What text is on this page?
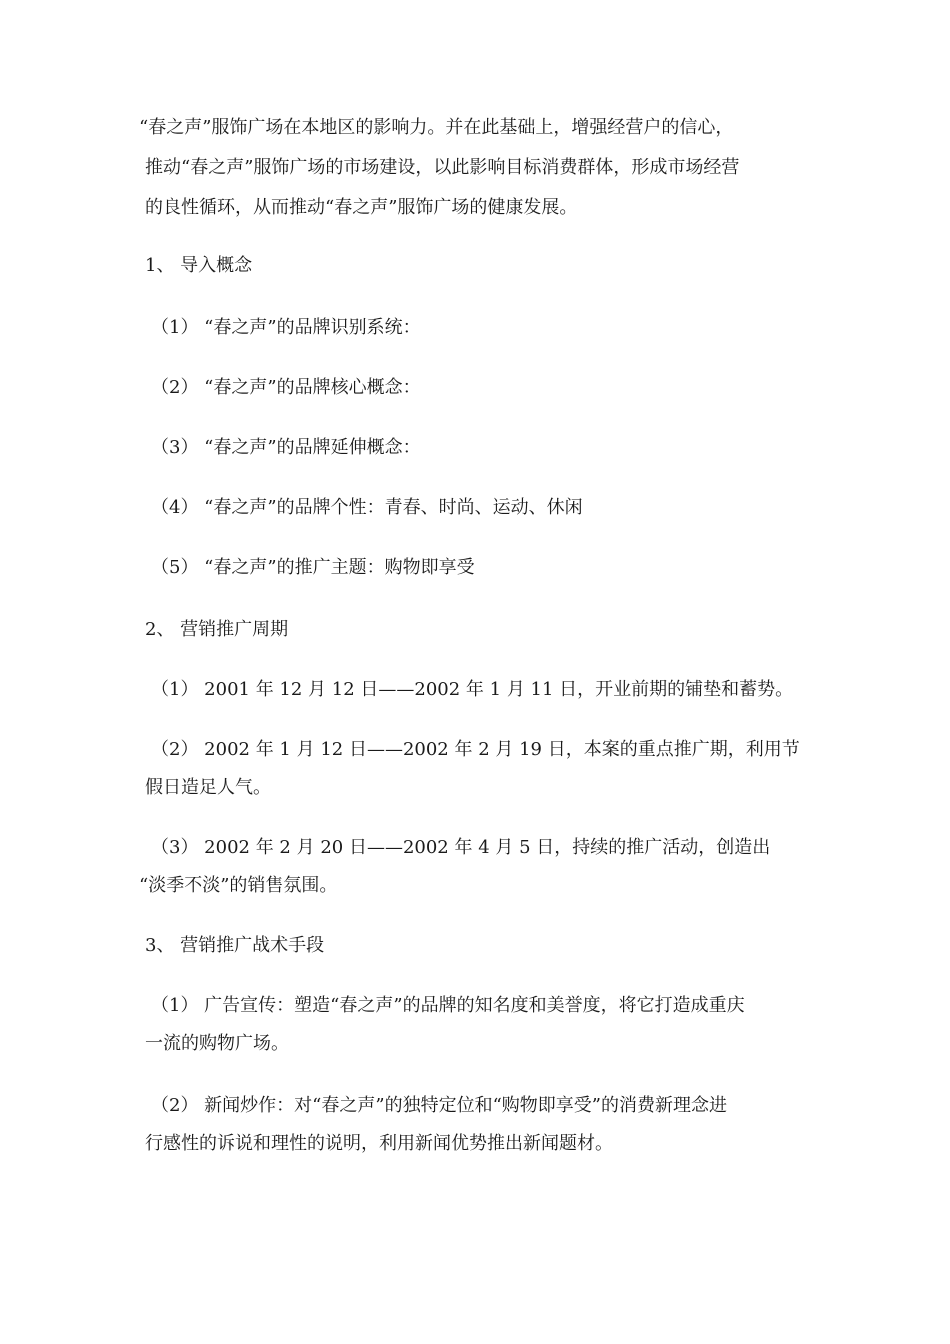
“春之声”服饰广场在本地区的影响力。并在此基础上，增强经营户的信心，
推动“春之声”服饰广场的市场建设，以此影响目标消费群体，形成市场经营
的良性循环，从而推动“春之声”服饰广场的健康发展。
1、 导入概念
（1） “春之声”的品牌识别系统：
（2） “春之声”的品牌核心概念：
（3） “春之声”的品牌延伸概念：
（4） “春之声”的品牌个性：青春、时尚、运动、休闲
（5） “春之声”的推广主题：购物即享受
2、 营销推广周期
（1） 2001 年 12 月 12 日——2002 年 1 月 11 日，开业前期的铺垫和蓄势。
（2） 2002 年 1 月 12 日——2002 年 2 月 19 日，本案的重点推广期，利用节
假日造足人气。
（3） 2002 年 2 月 20 日——2002 年 4 月 5 日，持续的推广活动，创造出
“淡季不淡”的销售氛围。
3、 营销推广战术手段
（1） 广告宣传：塑造“春之声”的品牌的知名度和美誉度，将它打造成重庆
一流的购物广场。
（2） 新闻炒作：对“春之声”的独特定位和“购物即享受”的消费新理念进
行感性的诉说和理性的说明，利用新闻优势推出新闻题材。
